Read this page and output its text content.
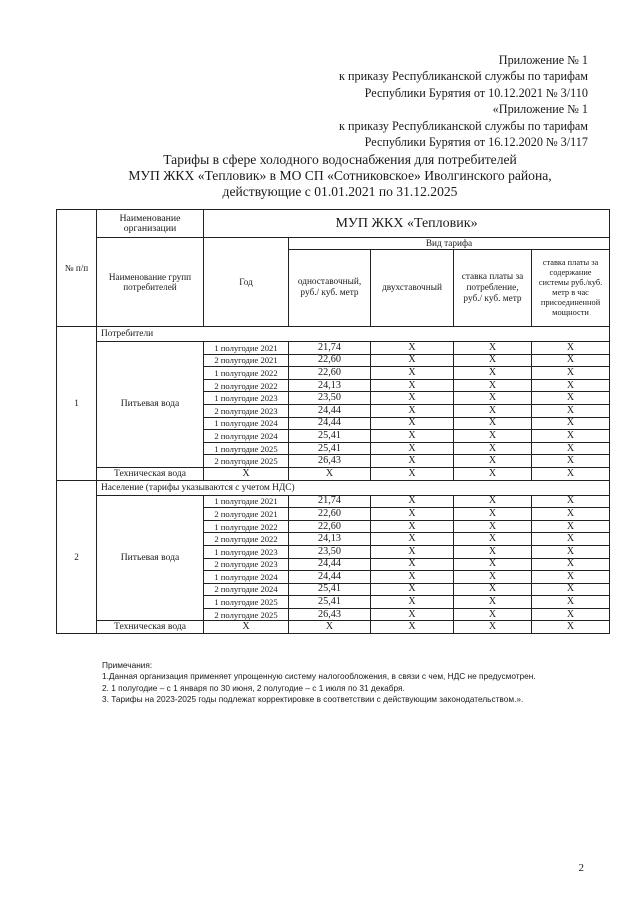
Приложение № 1
к приказу Республиканской службы по тарифам
Республики Бурятия от 10.12.2021 № 3/110
«Приложение № 1
к приказу Республиканской службы по тарифам
Республики Бурятия от 16.12.2020 № 3/117
Тарифы в сфере холодного водоснабжения для потребителей
МУП ЖКХ «Тепловик» в МО СП «Сотниковское» Иволгинского района,
действующие с 01.01.2021 по 31.12.2025
№ п/п	Наименование организации	МУП ЖКХ «Тепловик»				
	Наименование групп потребителей	Год	Вид тарифа			
			одноставочный, руб./ куб. метр	двухставочный	ставка платы за потребление, руб./ куб. метр	ставка платы за содержание системы руб./куб. метр в час присоединенной мощности
1	Потребители					
	Питьевая вода	1 полугодие 2021	21,74	X	X	X
		2 полугодие 2021	22,60	X	X	X
		1 полугодие 2022	22,60	X	X	X
		2 полугодие 2022	24,13	X	X	X
		1 полугодие 2023	23,50	X	X	X
		2 полугодие 2023	24,44	X	X	X
		1 полугодие 2024	24,44	X	X	X
		2 полугодие 2024	25,41	X	X	X
		1 полугодие 2025	25,41	X	X	X
		2 полугодие 2025	26,43	X	X	X
	Техническая вода	X	X	X	X	X
2	Население (тарифы указываются с учетом НДС)					
	Питьевая вода	1 полугодие 2021	21,74	X	X	X
		2 полугодие 2021	22,60	X	X	X
		1 полугодие 2022	22,60	X	X	X
		2 полугодие 2022	24,13	X	X	X
		1 полугодие 2023	23,50	X	X	X
		2 полугодие 2023	24,44	X	X	X
		1 полугодие 2024	24,44	X	X	X
		2 полугодие 2024	25,41	X	X	X
		1 полугодие 2025	25,41	X	X	X
		2 полугодие 2025	26,43	X	X	X
	Техническая вода	X	X	X	X	X
Примечания:
1.Данная организация применяет упрощенную систему налогообложения, в связи с чем, НДС не предусмотрен.
2. 1 полугодие – с 1 января по 30 июня, 2 полугодие – с 1 июля по 31 декабря.
3. Тарифы на 2023-2025 годы подлежат корректировке в соответствии с действующим законодательством.».
2
